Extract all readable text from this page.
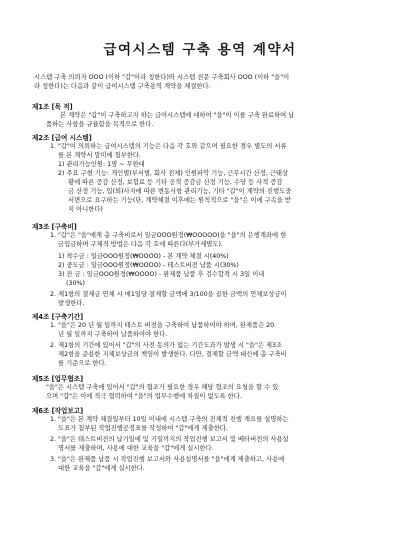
급여시스템 구축 용역 계약서
시스템 구축 의뢰자 OOO (이하 "갑"이라 칭한다)와 시스템 전문 구축회사 OOO (이하 "을"이
라 칭한다)는 다음과 같이 급여시스템 구축용역 계약을 체결한다.
제1조 [목 적]
본 계약은 "갑"이 구축하고자 하는 급여시스템에 대하여 "을"이 이를 구축 완료하여 납
품하는 사항을 규율함을 목적으로 한다.
제2조 [급여 시스템]
1. "갑"이 의뢰하는 급여시스템의 기능은 다음 각 호와 같으며 필요한 경우 별도의 서류
를 본 계약서 말미에 첨부한다.
1) 관리가능인원: 1명 ~ 무한대
2) 주요 구현 기능: 개인별(부서별, 회사 전체) 인원파악 기능, 근무시간 산정, 근태상
황에 따른 증감 산정, 보험료 등 기타 공적 증감금 산정 기능, 수당 등 사적 증감
금 산정 기능, 입(퇴)사자에 따른 변동사항 관리기능, 기타 "갑"이 계약의 진행도중
서면으로 요구하는 기능(단, 계약체결 이후에는 원칙적으로 "을"은 이에 구속을 받
지 아니한다)
제3조 [구축비]
1. "갑"은 "을"에게 총 구축비로서 일금OOO원정(₩OOOOO)을 "을"의 은행계좌에 현
금입금하며 구체적 방법은 다음 각 호에 따른다(부가세별도).
1) 착수금 : 일금OOO원정(₩OOOO) - 본 계약 체결 시(40%)
2) 중도금 : 일금OOO원정(₩OOOO) - 테스트버전 납품 시(30%)
3) 잔 금 : 일금OOO원정(₩OOOO) - 완제품 납품 후 검수합격 시 3일 이내
(30%)
2. 제1항의 결제금 연체 시 매1일당 결제할 금액에 3/100을 곱한 금액의 연체보상금이
발생한다.
제4조 [구축기간]
1. "을"은 20 년 월 일까지 테스트 버전을 구축하여 납품하여야 하며, 완제품은 20
년 월 일까지 구축하여 납품하여야 한다.
2. 제1항의 기간에 있어서 "갑"의 사전 동의가 없는 기간도과가 발생 시 "을"은 제3조
제2항을 준용한 지체보상금의 책임이 발생한다. 다만, 결제할 금액 대신에 총 구축비
를 기준으로 한다.
제5조 [업무협조]
"을"은 시스템 구축에 있어서 "갑"의 협조가 필요한 경우 해당 협조의 요청을 할 수 있
으며 "갑"은 이에 적극 협력하여 "을"의 업무수행에 차질이 없도록 한다.
제6조 [작업보고]
1. "을"은 본 계약 체결일부터 10일 이내에 시스템 구축의 전체적 진행 계요를 설명하는
도표가 첨부된 작업진행공정표를 작성하여 "갑"에게 제출한다.
2. "을"은 테스트버전의 납기일에 및 기일까지의 작업진행 보고서 및 베타버전의 사용설
명서를 제출하며, 사용에 대한 교육을 "갑"에게 실시한다.
3. "을"은 완제품 납품 시 작업진행 보고서와 사용설명서를 "을"에게 제출하고, 사용에
대한 교육을 "갑"에게 실시한다.
